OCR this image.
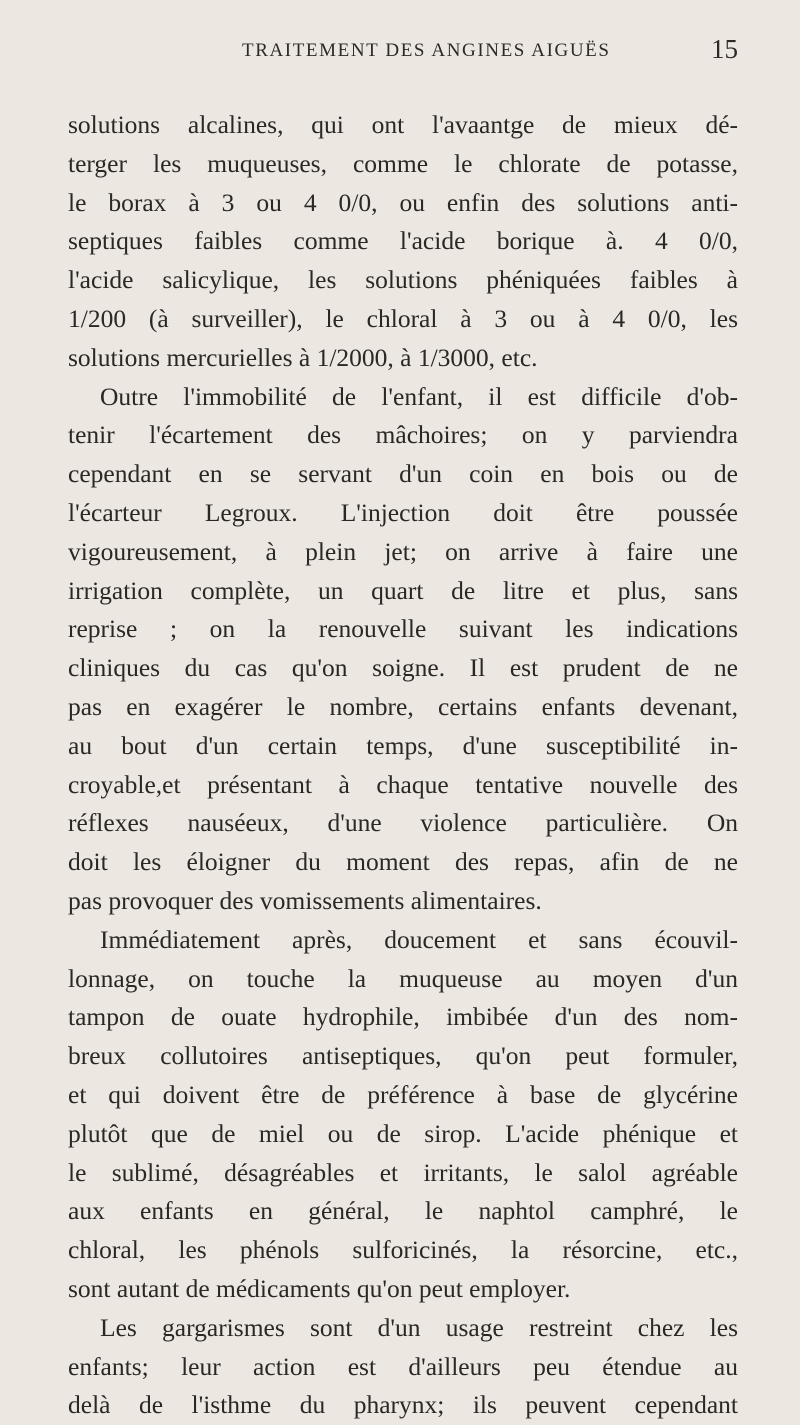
TRAITEMENT DES ANGINES AIGUËS	15
solutions alcalines, qui ont l'avaantge de mieux dé-
terger les muqueuses, comme le chlorate de potasse,
le borax à 3 ou 4 0/0, ou enfin des solutions anti-
septiques faibles comme l'acide borique à. 4 0/0,
l'acide salicylique, les solutions phéniquées faibles à
1/200 (à surveiller), le chloral à 3 ou à 4 0/0, les
solutions mercurielles à 1/2000, à 1/3000, etc.
Outre l'immobilité de l'enfant, il est difficile d'ob-
tenir l'écartement des mâchoires; on y parviendra
cependant en se servant d'un coin en bois ou de
l'écarteur Legroux. L'injection doit être poussée
vigoureusement, à plein jet; on arrive à faire une
irrigation complète, un quart de litre et plus, sans
reprise ; on la renouvelle suivant les indications
cliniques du cas qu'on soigne. Il est prudent de ne
pas en exagérer le nombre, certains enfants devenant,
au bout d'un certain temps, d'une susceptibilité in-
croyable,et présentant à chaque tentative nouvelle des
réflexes nauséeux, d'une violence particulière. On
doit les éloigner du moment des repas, afin de ne
pas provoquer des vomissements alimentaires.
Immédiatement après, doucement et sans écouvil-
lonnage, on touche la muqueuse au moyen d'un
tampon de ouate hydrophile, imbibée d'un des nom-
breux collutoires antiseptiques, qu'on peut formuler,
et qui doivent être de préférence à base de glycérine
plutôt que de miel ou de sirop. L'acide phénique et
le sublimé, désagréables et irritants, le salol agréable
aux enfants en général, le naphtol camphré, le
chloral, les phénols sulforicinés, la résorcine, etc.,
sont autant de médicaments qu'on peut employer.
Les gargarismes sont d'un usage restreint chez les
enfants; leur action est d'ailleurs peu étendue au
delà de l'isthme du pharynx; ils peuvent cependant
